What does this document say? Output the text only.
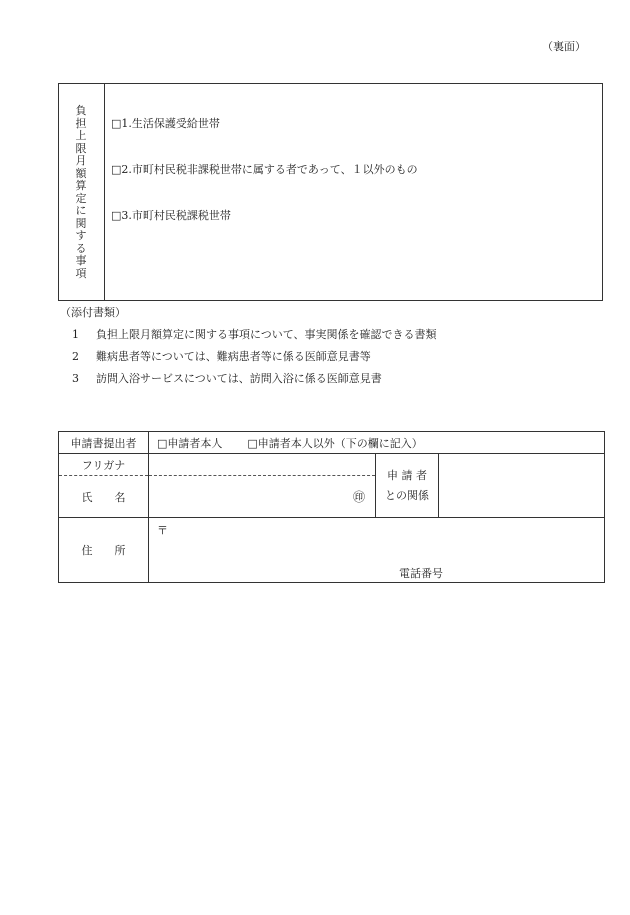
（裏面）
負担上限月額算定に関する事項
□1.生活保護受給世帯
□2.市町村民税非課税世帯に属する者であって、１以外のもの
□3.市町村民税課税世帯
（添付書類）
1 負担上限月額算定に関する事項について、事実関係を確認できる書類
2 難病患者等については、難病患者等に係る医師意見書等
3 訪問入浴サービスについては、訪問入浴に係る医師意見書
申請書提出者	□申請者本人 □申請者本人以外（下の欄に記入）		
フリガナ		申 請 者
との関係	

氏　　名	㊞		
住　　所	〒
電話番号		
